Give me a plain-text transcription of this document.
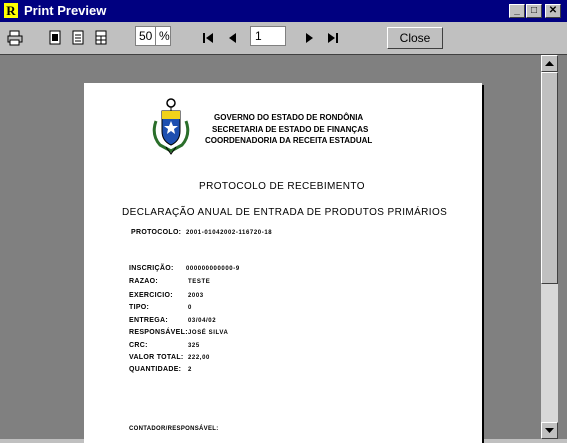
R Print Preview	_	□	✕
50 %	1	Close
GOVERNO DO ESTADO DE RONDÔNIA
SECRETARIA DE ESTADO DE FINANÇAS
COORDENADORIA DA RECEITA ESTADUAL
PROTOCOLO DE RECEBIMENTO
DECLARAÇÃO ANUAL DE ENTRADA DE PRODUTOS PRIMÁRIOS
PROTOCOLO: 2001-01042002-116720-18
INSCRIÇÃO: 000000000000-9
RAZAO:	TESTE
EXERCICIO:	2003
TIPO:	0
ENTREGA:	03/04/02
RESPONSÁVEL: JOSÉ SILVA
CRC:	325
VALOR TOTAL: 222,00
QUANTIDADE: 2
CONTADOR/RESPONSÁVEL:
